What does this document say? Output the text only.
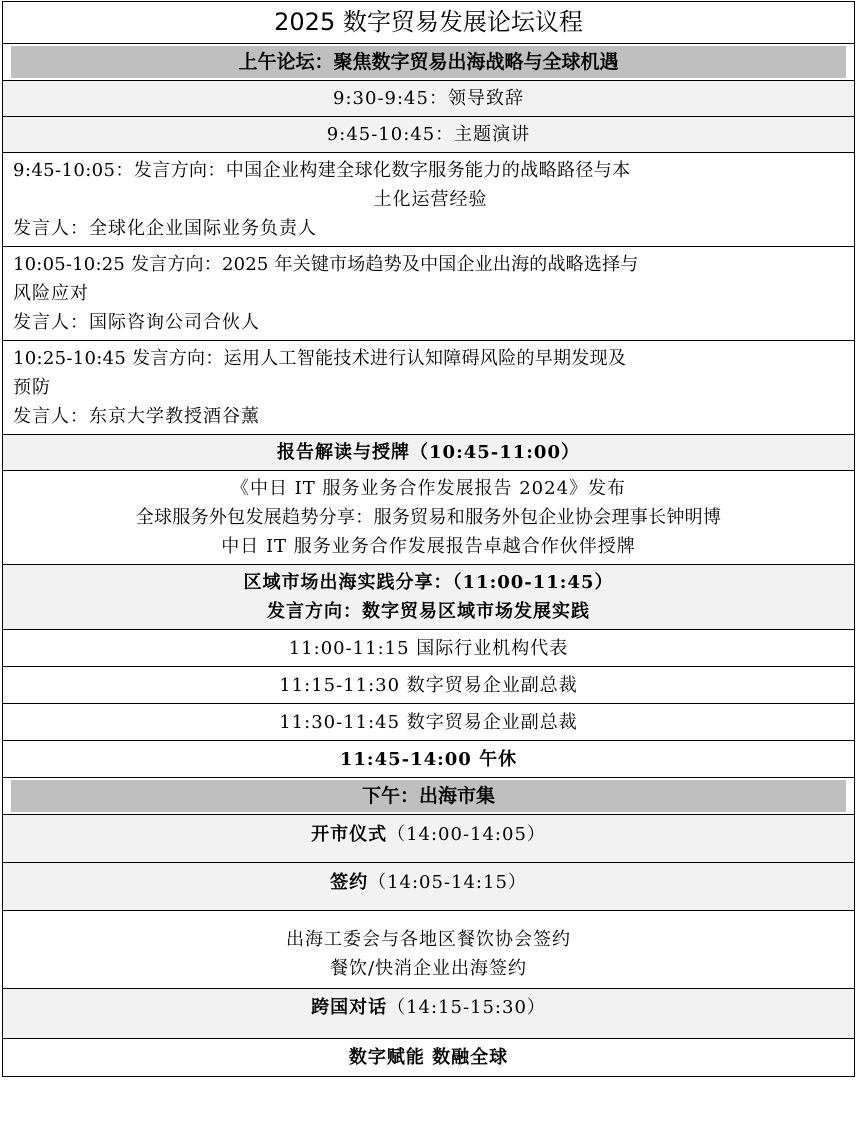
2025 数字贸易发展论坛议程
上午论坛：聚焦数字贸易出海战略与全球机遇
9:30-9:45：领导致辞
9:45-10:45：主题演讲
9:45-10:05：发言方向：中国企业构建全球化数字服务能力的战略路径与本
土化运营经验
发言人：全球化企业国际业务负责人
10:05-10:25 发言方向：2025 年关键市场趋势及中国企业出海的战略选择与
风险应对
发言人：国际咨询公司合伙人
10:25-10:45 发言方向：运用人工智能技术进行认知障碍风险的早期发现及
预防
发言人：东京大学教授酒谷薰
报告解读与授牌（10:45-11:00）
《中日 IT 服务业务合作发展报告 2024》发布
全球服务外包发展趋势分享：服务贸易和服务外包企业协会理事长钟明博
中日 IT 服务业务合作发展报告卓越合作伙伴授牌
区域市场出海实践分享：（11:00-11:45）
发言方向：数字贸易区域市场发展实践
11:00-11:15 国际行业机构代表
11:15-11:30 数字贸易企业副总裁
11:30-11:45 数字贸易企业副总裁
11:45-14:00 午休
下午：出海市集
开市仪式（14:00-14:05）
签约（14:05-14:15）
出海工委会与各地区餐饮协会签约
餐饮/快消企业出海签约
跨国对话（14:15-15:30）
数字赋能 数融全球
